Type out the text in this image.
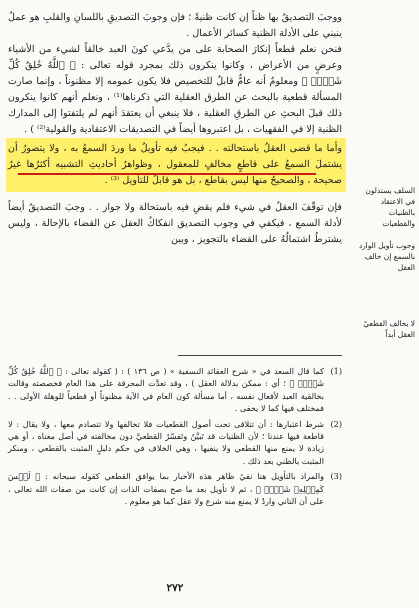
ووجبَ التصديقُ بها ظناً إن كانت ظنيةً ؛ فإن وجوبَ التصديقِ باللسانِ والقلبِ هو عملٌ ينبني على الأدلة الظنية كسائر الأعمال .

فنحن نعلم قطعاً إنكارَ الصحابة على من يدَّعي كونَ العبد خالقاً لشيء من الأشياء وعرضٍ من الأعراض ، وكانوا ينكرون ذلك بمجرد قوله تعالى : ﴿ ٱللَّهُ خَٰلِقُ كُلِّ شَيۡءٖ ﴾ ومعلومٌ أنه عامٌّ قابلٌ للتخصيص فلا يكون عمومه إلا مظنوناً ، وإنما صارت المسألة قطعية بالبحث عن الطرق العقلية التي ذكرناها⁽¹⁾ ، ونعلم أنهم كانوا ينكرون ذلك قبلَ البحثِ عن الطرقِ العقلية ، فلا ينبغي أن يعتقدَ أنهم لم يلتفتوا إلى المدارك الظنية إلا في الفقهيات ، بل اعتبروها أيضاً في التصديقات الاعتقادية والقولية⁽²⁾ ) .

وأما ما قضى العقلُ باستحالته . . فيجبُ فيه تأويلُ ما وردَ السمعُ به ، ولا يتصورُ أن يشتملَ السمعُ على قاطعٍ مخالفٍ للمعقول ، وظواهرُ أحاديثِ التشبيه أكثرُها غيرُ صحيحة ، والصحيحُ منها ليس بقاطع ، بل هو قابلٌ للتأويل ⁽³⁾ .

فإن توقّفَ العقلُ في شيء فلم يقضِ فيه باستحالة ولا جواز . . وجبَ التصديقُ أيضاً لأدلة السمع ، فيكفي في وجوب التصديق انفكاكُ العقل عن القضاء بالإحالة ، وليس يشترطُ اشتمالُهُ على القضاء بالتجويز ، وبين

السلف يستدلون في الاعتقاد بالظنيات والقطعيات
وجوب تأويل الوارد بالسمع إن خالف العقل
لا يخالف القطعيّ العقل أبداً
(1)
كما قال السعد في « شرح العقائد النسفية » ( ص ١٣٦ ) : ( كقوله تعالى : ﴿ ٱللَّهُ خَٰلِقُ كُلِّ شَيۡءٖ ﴾ ؛ أي : ممكن بدلالة العقل ) ، وقد تعدَّت المحرقة على هذا العام فخصصته وقالت بخالقية العبد لأفعال نفسه ، أما مسألة كون العام في الآية مظنوناً أو قطعياً للوهلة الأولى . . فمختلف فيها كما لا يخفى .
(2)
شرط اعتبارها : أن تتلاقى تحت أصول القطعيات فلا تخالفها ولا تتصادم معها ، ولا يقال : لا قاطعة فيها عندنا ؛ لأن الظنيات قد تَبيَّنُ وتَفسّرُ القطعيَّ دون مخالفته في أصل معناه ، أو هي زيادة لا يمنع منها القطعي ولا ينفيها ، وهي الخلاف في حكم دليلٍ المثبت بالقطعي ، ومنكر المثبت بالظني بعد ذلك .
(3)
والمراد بالتأويل هنا نفيُ ظاهر هذه الأخبار بما يوافق القطعي كقوله سبحانه : ﴿ لَيۡسَ كَمِثۡلِهِۦ شَيۡءٞ ﴾ ، ثم لا تأويل بعد ما صح بصفات الذات إن كانت من صفات الله تعالى ، على أن التاني واردٌ لا يمنع منه شرع ولا عقل كما هو معلوم .
٢٧٢
